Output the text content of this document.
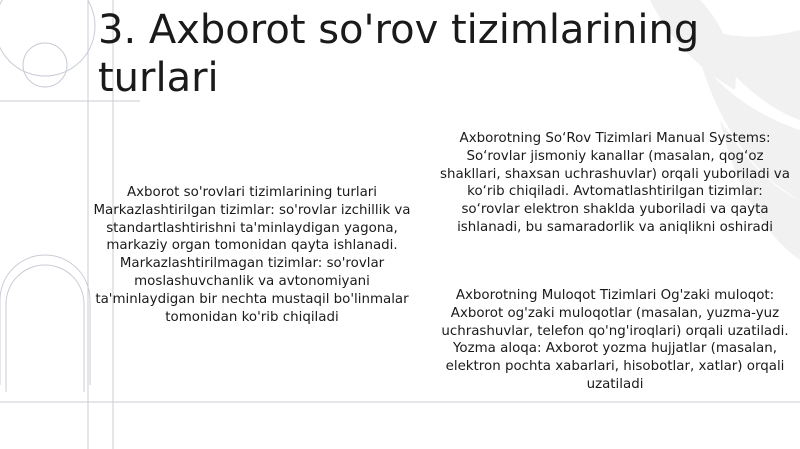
3. Axborot so'rov tizimlarining turlari

Axborot so'rovlari tizimlarining turlari Markazlashtirilgan tizimlar: so'rovlar izchillik va standartlashtirishni ta'minlaydigan yagona, markaziy organ tomonidan qayta ishlanadi. Markazlashtirilmagan tizimlar: so'rovlar moslashuvchanlik va avtonomiyani ta'minlaydigan bir nechta mustaqil bo'linmalar tomonidan ko'rib chiqiladi

Axborotning So‘Rov Tizimlari Manual Systems: So‘rovlar jismoniy kanallar (masalan, qog‘oz shakllari, shaxsan uchrashuvlar) orqali yuboriladi va ko‘rib chiqiladi. Avtomatlashtirilgan tizimlar: so‘rovlar elektron shaklda yuboriladi va qayta ishlanadi, bu samaradorlik va aniqlikni oshiradi

Axborotning Muloqot Tizimlari Og'zaki muloqot: Axborot og'zaki muloqotlar (masalan, yuzma-yuz uchrashuvlar, telefon qo'ng'iroqlari) orqali uzatiladi. Yozma aloqa: Axborot yozma hujjatlar (masalan, elektron pochta xabarlari, hisobotlar, xatlar) orqali uzatiladi
